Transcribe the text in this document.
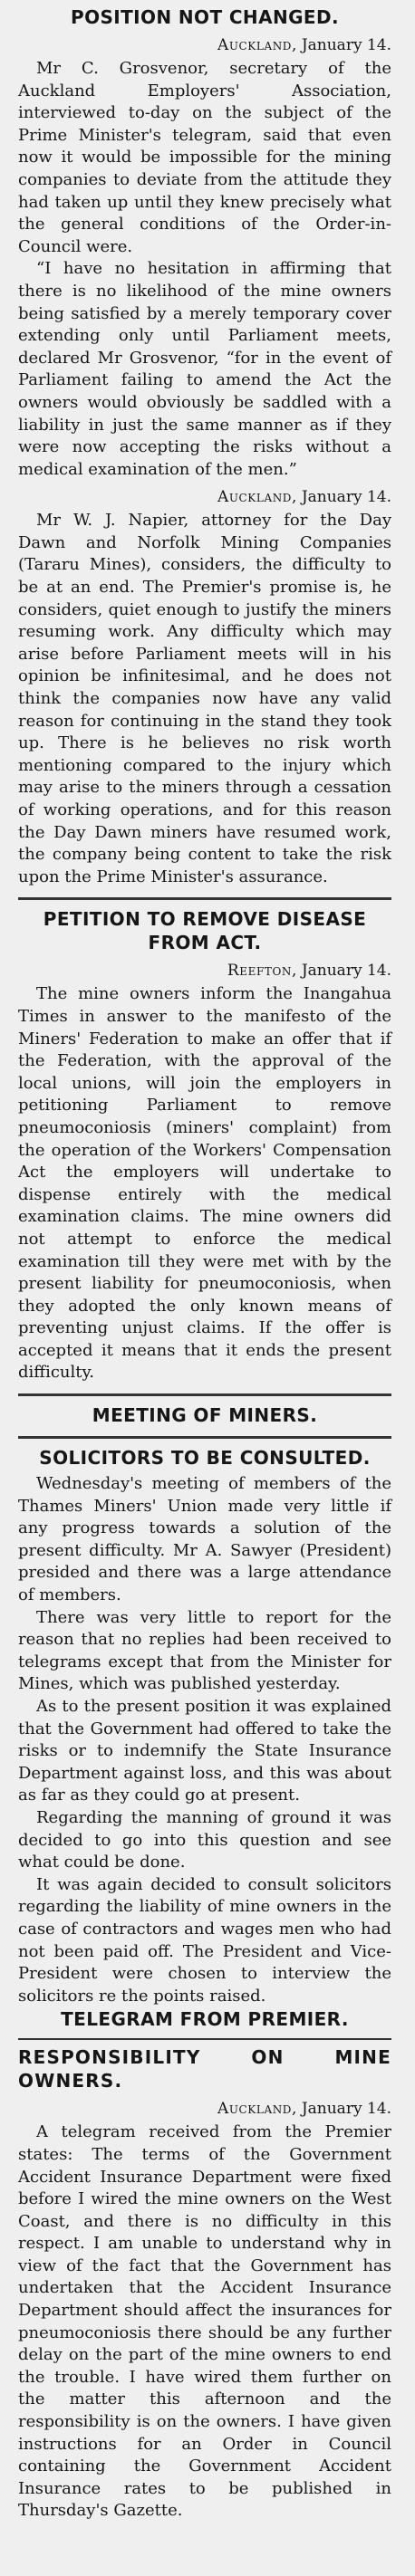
POSITION NOT CHANGED.
Auckland, January 14.

Mr C. Grosvenor, secretary of the Auckland Employers' Association, interviewed to-day on the subject of the Prime Minister's telegram, said that even now it would be impossible for the mining companies to deviate from the attitude they had taken up until they knew precisely what the general conditions of the Order-in-Council were.

“I have no hesitation in affirming that there is no likelihood of the mine owners being satisfied by a merely temporary cover extending only until Parliament meets, declared Mr Grosvenor, “for in the event of Parliament failing to amend the Act the owners would obviously be saddled with a liability in just the same manner as if they were now accepting the risks without a medical examination of the men.”

Auckland, January 14.

Mr W. J. Napier, attorney for the Day Dawn and Norfolk Mining Companies (Tararu Mines), considers, the difficulty to be at an end. The Premier's promise is, he considers, quiet enough to justify the miners resuming work. Any difficulty which may arise before Parliament meets will in his opinion be infinitesimal, and he does not think the companies now have any valid reason for continuing in the stand they took up. There is he believes no risk worth mentioning compared to the injury which may arise to the miners through a cessation of working operations, and for this reason the Day Dawn miners have resumed work, the company being content to take the risk upon the Prime Minister's assurance.

PETITION TO REMOVE DISEASE FROM ACT.
Reefton, January 14.

The mine owners inform the Inangahua Times in answer to the manifesto of the Miners' Federation to make an offer that if the Federation, with the approval of the local unions, will join the employers in petitioning Parliament to remove pneumoconiosis (miners' complaint) from the operation of the Workers' Compensation Act the employers will undertake to dispense entirely with the medical examination claims. The mine owners did not attempt to enforce the medical examination till they were met with by the present liability for pneumoconiosis, when they adopted the only known means of preventing unjust claims. If the offer is accepted it means that it ends the present difficulty.

MEETING OF MINERS.
SOLICITORS TO BE CONSULTED.

Wednesday's meeting of members of the Thames Miners' Union made very little if any progress towards a solution of the present difficulty. Mr A. Sawyer (President) presided and there was a large attendance of members.

There was very little to report for the reason that no replies had been received to telegrams except that from the Minister for Mines, which was published yesterday.

As to the present position it was explained that the Government had offered to take the risks or to indemnify the State Insurance Department against loss, and this was about as far as they could go at present.

Regarding the manning of ground it was decided to go into this question and see what could be done.

It was again decided to consult solicitors regarding the liability of mine owners in the case of contractors and wages men who had not been paid off. The President and Vice-President were chosen to interview the solicitors re the points raised.

TELEGRAM FROM PREMIER.
RESPONSIBILITY ON MINE OWNERS.
Auckland, January 14.

A telegram received from the Premier states: The terms of the Government Accident Insurance Department were fixed before I wired the mine owners on the West Coast, and there is no difficulty in this respect. I am unable to understand why in view of the fact that the Government has undertaken that the Accident Insurance Department should affect the insurances for pneumoconiosis there should be any further delay on the part of the mine owners to end the trouble. I have wired them further on the matter this afternoon and the responsibility is on the owners. I have given instructions for an Order in Council containing the Government Accident Insurance rates to be published in Thursday's Gazette.
